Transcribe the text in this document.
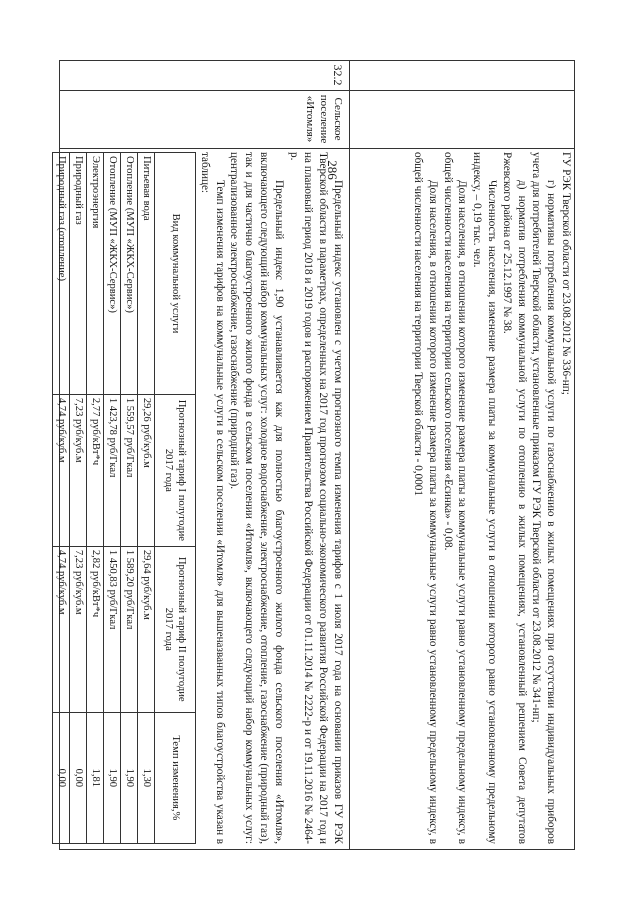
286	ГУ РЭК Тверской области от 23.08.2012 № 336-нп;

г) нормативы потребления коммунальной услуги по газоснабжению в жилых помещениях при отсутствии индивидуальных приборов учета для потребителей Тверской области, установленные приказом ГУ РЭК Тверской области от 23.08.2012 № 341-нп;

д) норматив потребления коммунальной услуги по отоплению в жилых помещениях, установленный решением Совета депутатов Ржевского района от 25.12.1997 № 38.

Численность населения, изменение размера платы за коммунальные услуги в отношении которого равно установленному предельному индексу, – 0,19 тыс. чел.

Доля населения, в отношении которого изменение размера платы за коммунальные услуги равно установленному предельному индексу, в общей численности населения на территории сельского поселения «Есинка» - 0,08.

Доля населения, в отношении которого изменение размера платы за коммунальные услуги равно установленному предельному индексу, в общей численности населения на территории Тверской области - 0,0001

32.2
Сельское поселение «Итомля»

Предельный индекс установлен с учетом прогнозного темпа изменения тарифов с 1 июля 2017 года на основании приказов ГУ РЭК Тверской области в параметрах, определенных на 2017 год прогнозом социально-экономического развития Российской Федерации на 2017 год и на плановый период 2018 и 2019 годов и распоряжением Правительства Российской Федерации от 01.11.2014 № 2222-р и от 19.11.2016 № 2464-р.

Предельный индекс 1,90 устанавливается как для полностью благоустроенного жилого фонда сельского поселения «Итомля», включающего следующий набор коммунальных услуг: холодное водоснабжение, электроснабжение, отопление, газоснабжение (природный газ), так и для частично благоустроенного жилого фонда в сельском поселении «Итомля», включающего следующий набор коммунальных услуг: централизованное электроснабжение, газоснабжение (природный газ).

Темп изменения тарифов на коммунальные услуги в сельском поселении «Итомля» для вышеназванных типов благоустройства указан в таблице:

Вид коммунальной услуги	Прогнозный тариф I полугодие 2017 года	Прогнозный тариф II полугодие 2017 года	Темп изменения,%
Питьевая вода	29,26 руб/куб.м	29,64 руб/куб.м	1,30
Отопление (МУП «ЖКХ-Сервис»)	1 559,57 руб/Гкал	1 589,20 руб/Гкал	1,90
Отопление (МУП «ЖКХ-Сервис»)	1 423,78 руб/Гкал	1 450,83 руб/Гкал	1,90
Электроэнергия	2,77 руб/кВт*ч	2,82 руб/кВт*ч	1,81
Природный газ	7,23 руб/куб.м	7,23 руб/куб.м	0,00
Природный газ (отопление)	4,74 руб/куб.м	4,74 руб/куб.м	0,00
